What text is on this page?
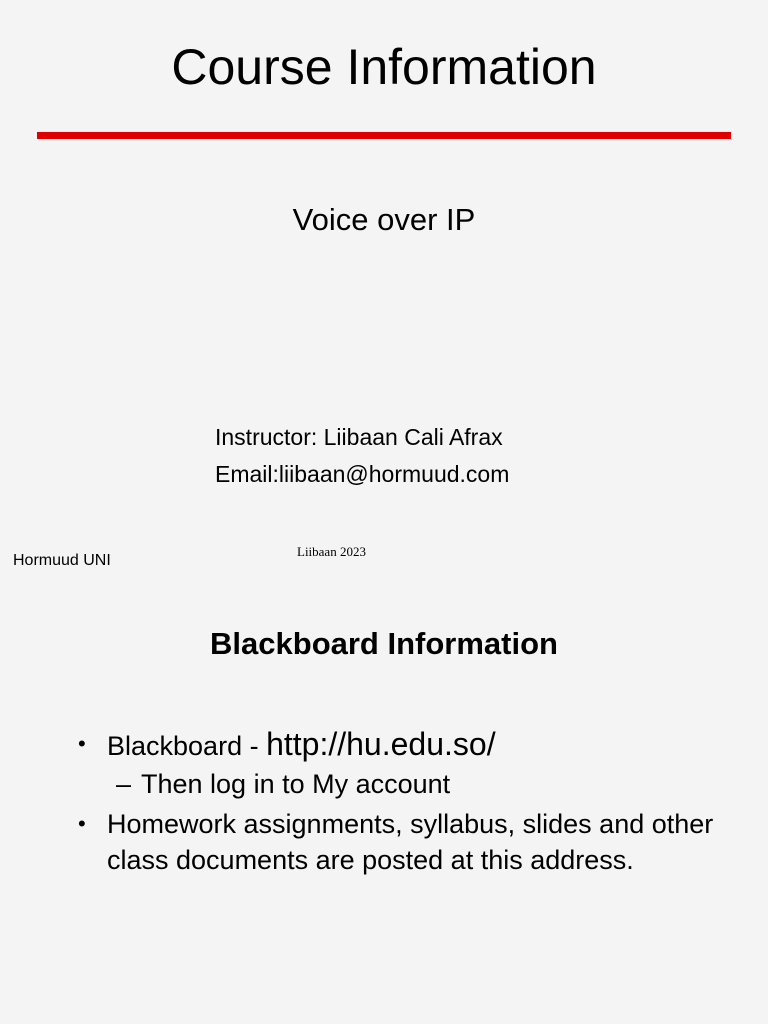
Course Information
Voice over IP
Instructor: Liibaan Cali Afrax
Email:liibaan@hormuud.com
Hormuud UNI
Liibaan 2023
Blackboard Information
• Blackboard - http://hu.edu.so/
– Then log in to My account
• Homework assignments, syllabus, slides and other class documents are posted at this address.
